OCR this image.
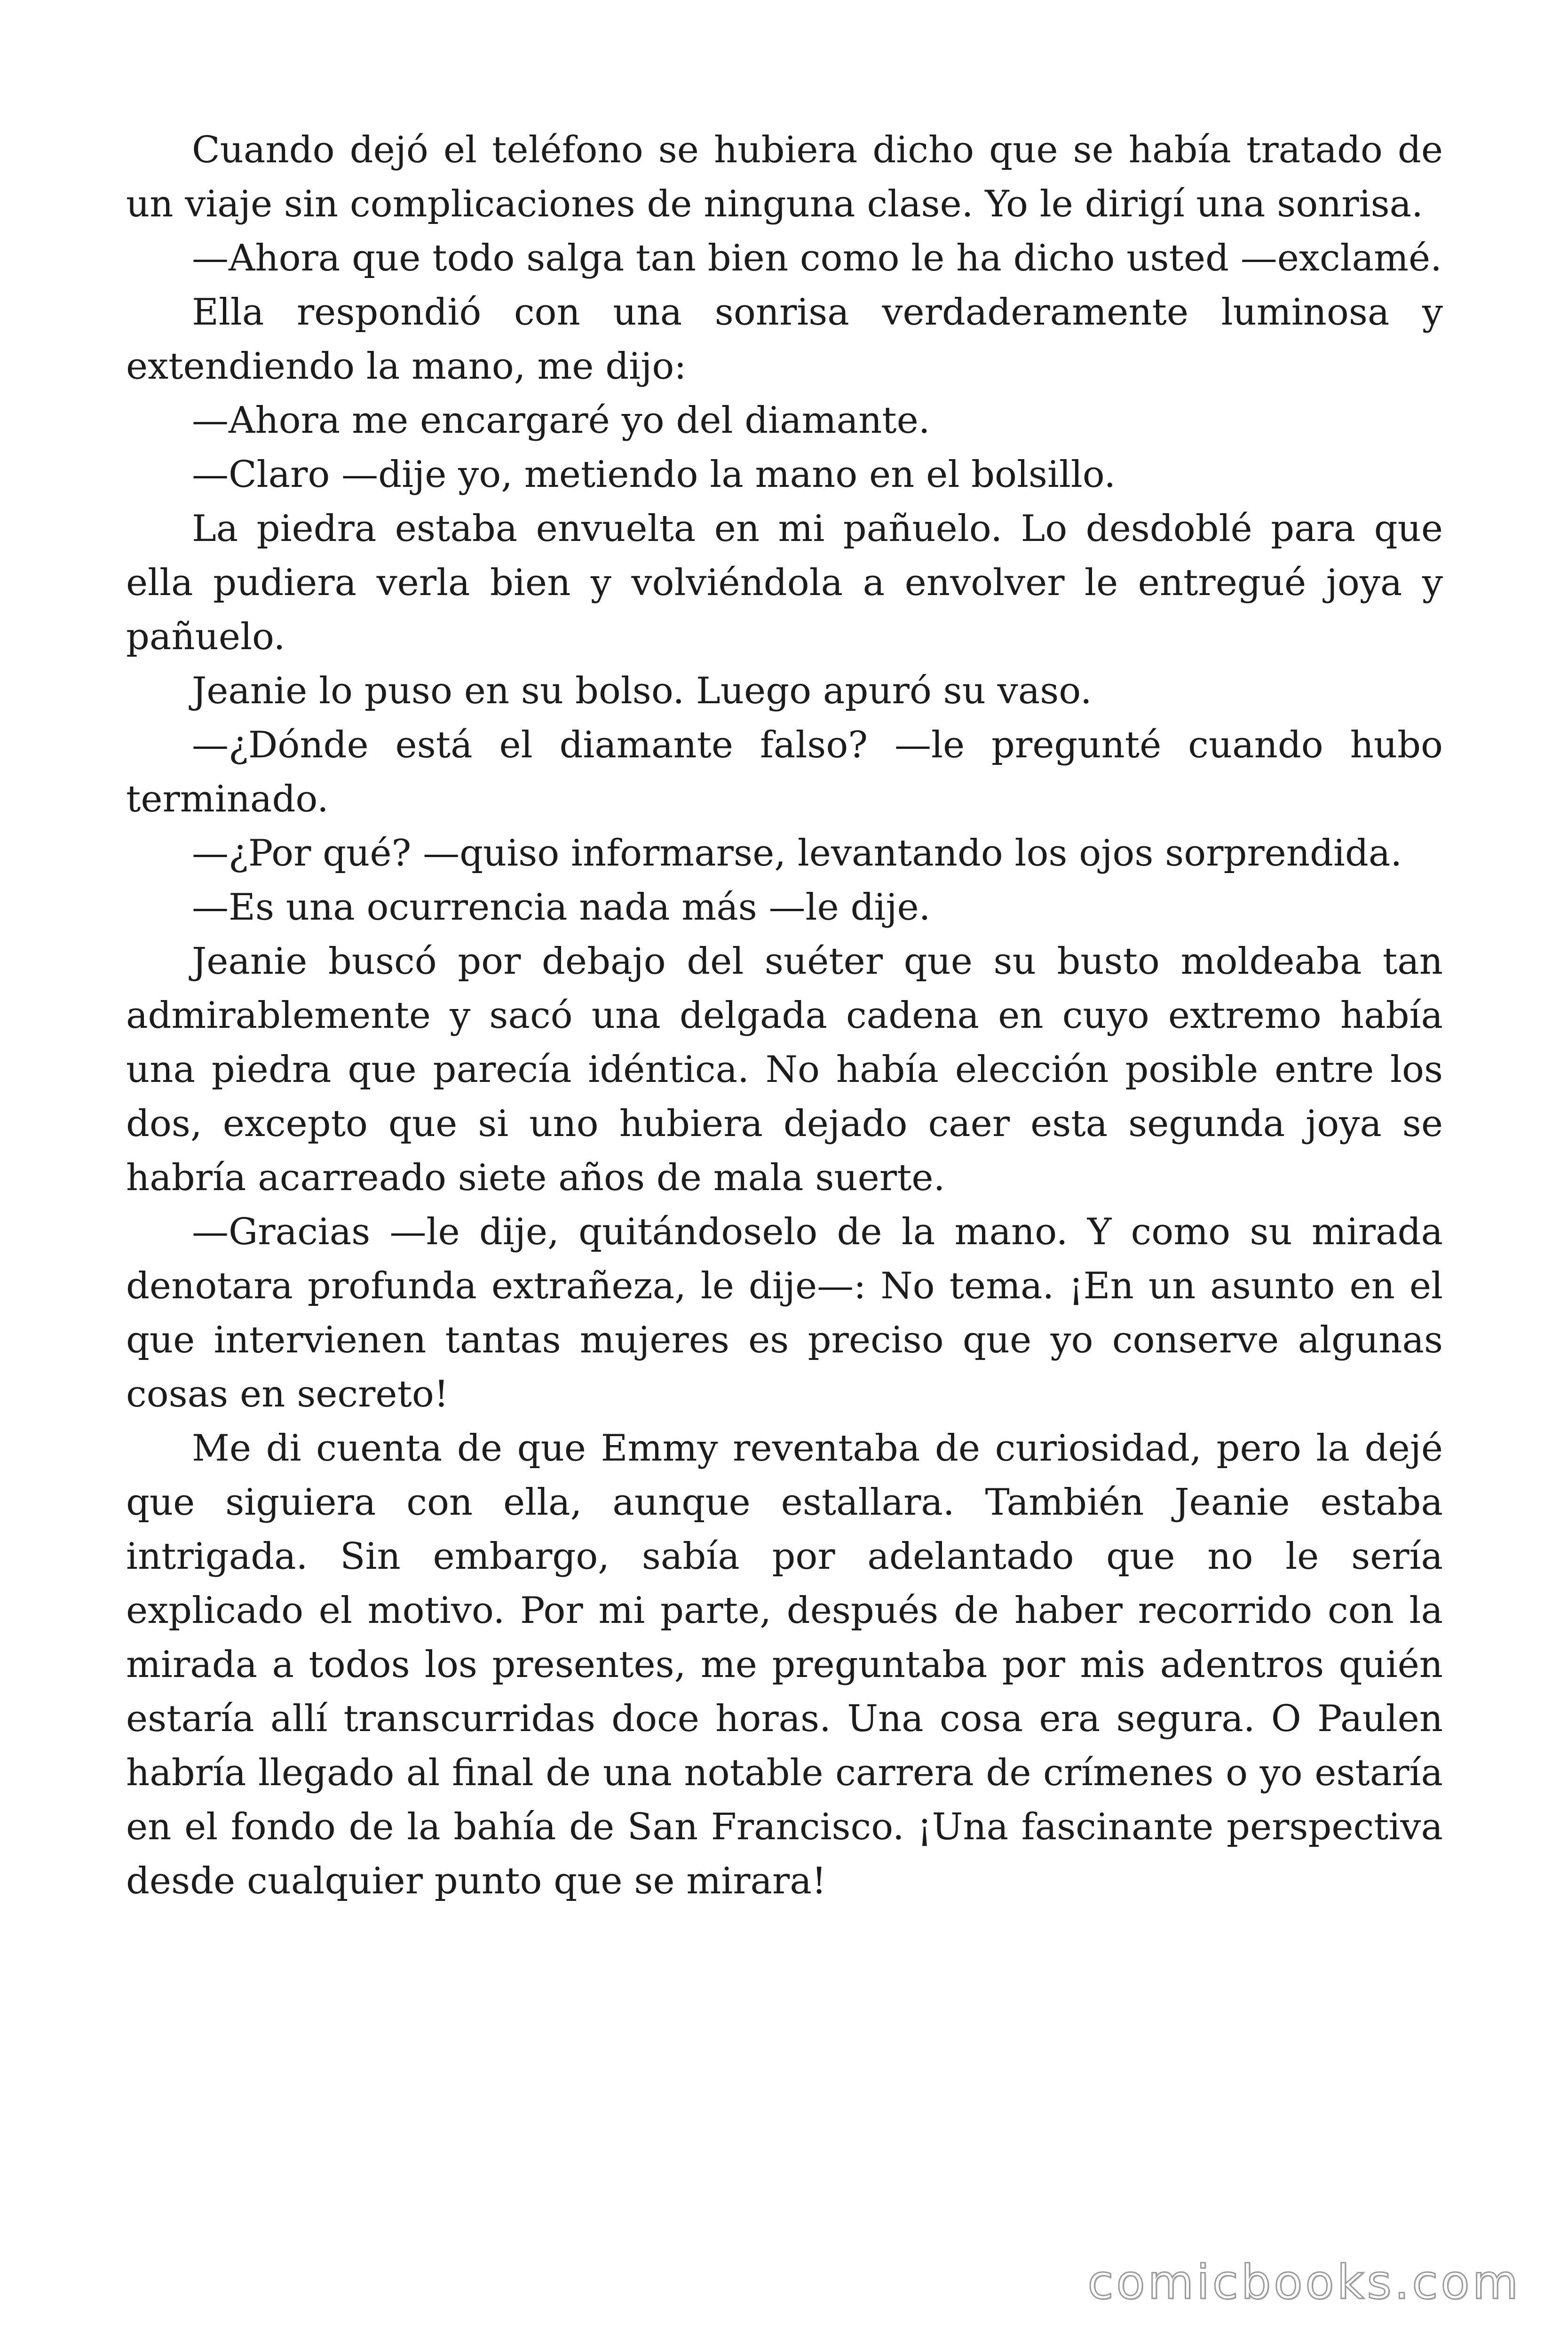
Cuando dejó el teléfono se hubiera dicho que se había tratado de un viaje sin complicaciones de ninguna clase. Yo le dirigí una sonrisa.

—Ahora que todo salga tan bien como le ha dicho usted —exclamé.

Ella respondió con una sonrisa verdaderamente luminosa y extendiendo la mano, me dijo:

—Ahora me encargaré yo del diamante.

—Claro —dije yo, metiendo la mano en el bolsillo.

La piedra estaba envuelta en mi pañuelo. Lo desdoblé para que ella pudiera verla bien y volviéndola a envolver le entregué joya y pañuelo.

Jeanie lo puso en su bolso. Luego apuró su vaso.

—¿Dónde está el diamante falso? —le pregunté cuando hubo terminado.

—¿Por qué? —quiso informarse, levantando los ojos sorprendida.

—Es una ocurrencia nada más —le dije.

Jeanie buscó por debajo del suéter que su busto moldeaba tan admirablemente y sacó una delgada cadena en cuyo extremo había una piedra que parecía idéntica. No había elección posible entre los dos, excepto que si uno hubiera dejado caer esta segunda joya se habría acarreado siete años de mala suerte.

—Gracias —le dije, quitándoselo de la mano. Y como su mirada denotara profunda extrañeza, le dije—: No tema. ¡En un asunto en el que intervienen tantas mujeres es preciso que yo conserve algunas cosas en secreto!

Me di cuenta de que Emmy reventaba de curiosidad, pero la dejé que siguiera con ella, aunque estallara. También Jeanie estaba intrigada. Sin embargo, sabía por adelantado que no le sería explicado el motivo. Por mi parte, después de haber recorrido con la mirada a todos los presentes, me preguntaba por mis adentros quién estaría allí transcurridas doce horas. Una cosa era segura. O Paulen habría llegado al final de una notable carrera de crímenes o yo estaría en el fondo de la bahía de San Francisco. ¡Una fascinante perspectiva desde cualquier punto que se mirara!

comicbooks.com
